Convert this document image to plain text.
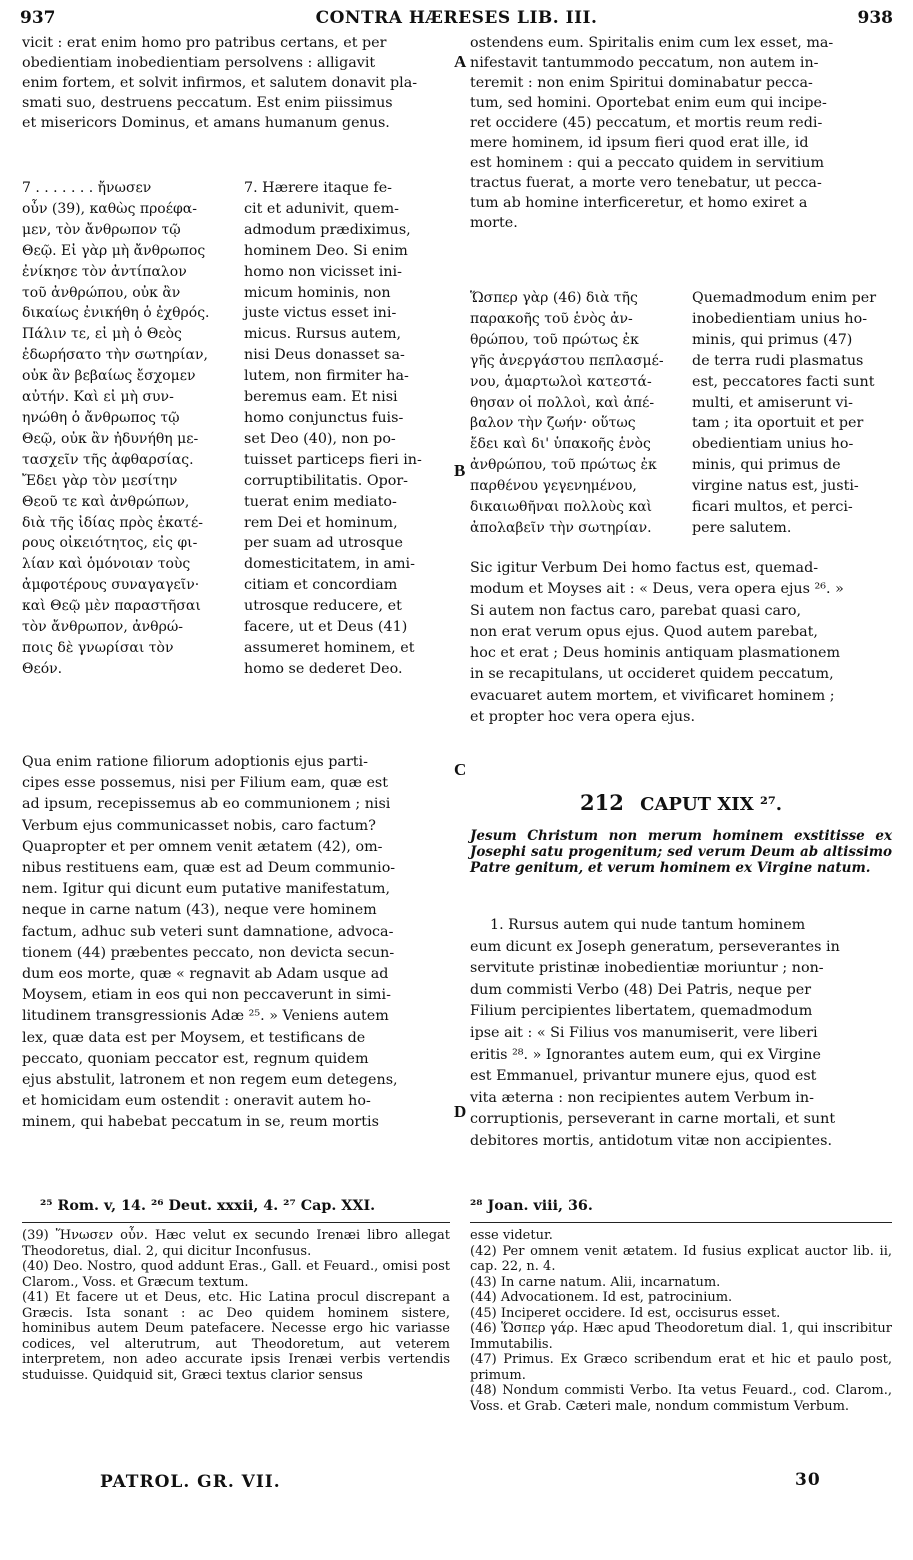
937	CONTRA HÆRESES LIB. III.	938
A
B
C
D

vicit : erat enim homo pro patribus certans, et per

obedientiam inobedientiam persolvens : alligavit

enim fortem, et solvit infirmos, et salutem donavit pla-

smati suo, destruens peccatum. Est enim piissimus

et misericors Dominus, et amans humanum genus.

7 . . . . . . . ἤνωσεν

οὖν (39), καθὼς προέφα-

μεν, τὸν ἄνθρωπον τῷ

Θεῷ. Εἰ γὰρ μὴ ἄνθρωπος

ἐνίκησε τὸν ἀντίπαλον

τοῦ ἀνθρώπου, οὐκ ἂν

δικαίως ἐνικήθη ὁ ἐχθρός.

Πάλιν τε, εἰ μὴ ὁ Θεὸς

ἐδωρήσατο τὴν σωτηρίαν,

οὐκ ἂν βεβαίως ἔσχομεν

αὐτήν. Καὶ εἰ μὴ συν-

ηνώθη ὁ ἄνθρωπος τῷ

Θεῷ, οὐκ ἂν ἠδυνήθη με-

τασχεῖν τῆς ἀφθαρσίας.

Ἔδει γὰρ τὸν μεσίτην

Θεοῦ τε καὶ ἀνθρώπων,

διὰ τῆς ἰδίας πρὸς ἑκατέ-

ρους οἰκειότητος, εἰς φι-

λίαν καὶ ὁμόνοιαν τοὺς

ἀμφοτέρους συναγαγεῖν·

καὶ Θεῷ μὲν παραστῆσαι

τὸν ἄνθρωπον, ἀνθρώ-

ποις δὲ γνωρίσαι τὸν

Θεόν.

7. Hærere itaque fe-

cit et adunivit, quem-

admodum prædiximus,

hominem Deo. Si enim

homo non vicisset ini-

micum hominis, non

juste victus esset ini-

micus. Rursus autem,

nisi Deus donasset sa-

lutem, non firmiter ha-

beremus eam. Et nisi

homo conjunctus fuis-

set Deo (40), non po-

tuisset particeps fieri in-

corruptibilitatis. Opor-

tuerat enim mediato-

rem Dei et hominum,

per suam ad utrosque

domesticitatem, in ami-

citiam et concordiam

utrosque reducere, et

facere, ut et Deus (41)

assumeret hominem, et

homo se dederet Deo.

Qua enim ratione filiorum adoptionis ejus parti-

cipes esse possemus, nisi per Filium eam, quæ est

ad ipsum, recepissemus ab eo communionem ; nisi

Verbum ejus communicasset nobis, caro factum?

Quapropter et per omnem venit ætatem (42), om-

nibus restituens eam, quæ est ad Deum communio-

nem. Igitur qui dicunt eum putative manifestatum,

neque in carne natum (43), neque vere hominem

factum, adhuc sub veteri sunt damnatione, advoca-

tionem (44) præbentes peccato, non devicta secun-

dum eos morte, quæ « regnavit ab Adam usque ad

Moysem, etiam in eos qui non peccaverunt in simi-

litudinem transgressionis Adæ ²⁵. » Veniens autem

lex, quæ data est per Moysem, et testificans de

peccato, quoniam peccator est, regnum quidem

ejus abstulit, latronem et non regem eum detegens,

et homicidam eum ostendit : oneravit autem ho-

minem, qui habebat peccatum in se, reum mortis

²⁵ Rom. v, 14. ²⁶ Deut. xxxii, 4. ²⁷ Cap. XXI.

(39) Ἥνωσεν οὖν. Hæc velut ex secundo Irenæi libro allegat Theodoretus, dial. 2, qui dicitur Inconfusus.

(40) Deo. Nostro, quod addunt Eras., Gall. et Feuard., omisi post Clarom., Voss. et Græcum textum.

(41) Et facere ut et Deus, etc. Hic Latina procul discrepant a Græcis. Ista sonant : ac Deo quidem hominem sistere, hominibus autem Deum patefacere. Necesse ergo hic variasse codices, vel alterutrum, aut Theodoretum, aut veterem interpretem, non adeo accurate ipsis Irenæi verbis vertendis studuisse. Quidquid sit, Græci textus clarior sensus

PATROL. GR. VII.

ostendens eum. Spiritalis enim cum lex esset, ma-

nifestavit tantummodo peccatum, non autem in-

teremit : non enim Spiritui dominabatur pecca-

tum, sed homini. Oportebat enim eum qui incipe-

ret occidere (45) peccatum, et mortis reum redi-

mere hominem, id ipsum fieri quod erat ille, id

est hominem : qui a peccato quidem in servitium

tractus fuerat, a morte vero tenebatur, ut pecca-

tum ab homine interficeretur, et homo exiret a

morte.

Ὥσπερ γὰρ (46) διὰ τῆς

παρακοῆς τοῦ ἑνὸς ἀν-

θρώπου, τοῦ πρώτως ἐκ

γῆς ἀνεργάστου πεπλασμέ-

νου, ἁμαρτωλοὶ κατεστά-

θησαν οἱ πολλοὶ, καὶ ἀπέ-

βαλον τὴν ζωήν· οὕτως

ἔδει καὶ δι' ὑπακοῆς ἑνὸς

ἀνθρώπου, τοῦ πρώτως ἐκ

παρθένου γεγενημένου,

δικαιωθῆναι πολλοὺς καὶ

ἀπολαβεῖν τὴν σωτηρίαν.

Quemadmodum enim per

inobedientiam unius ho-

minis, qui primus (47)

de terra rudi plasmatus

est, peccatores facti sunt

multi, et amiserunt vi-

tam ; ita oportuit et per

obedientiam unius ho-

minis, qui primus de

virgine natus est, justi-

ficari multos, et perci-

pere salutem.

Sic igitur Verbum Dei homo factus est, quemad-

modum et Moyses ait : « Deus, vera opera ejus ²⁶. »

Si autem non factus caro, parebat quasi caro,

non erat verum opus ejus. Quod autem parebat,

hoc et erat ; Deus hominis antiquam plasmationem

in se recapitulans, ut occideret quidem peccatum,

evacuaret autem mortem, et vivificaret hominem ;

et propter hoc vera opera ejus.

212 CAPUT XIX ²⁷.
Jesum Christum non merum hominem exstitisse ex Josephi satu progenitum; sed verum Deum ab altissimo Patre genitum, et verum hominem ex Virgine natum.

1. Rursus autem qui nude tantum hominem

eum dicunt ex Joseph generatum, perseverantes in

servitute pristinæ inobedientiæ moriuntur ; non-

dum commisti Verbo (48) Dei Patris, neque per

Filium percipientes libertatem, quemadmodum

ipse ait : « Si Filius vos manumiserit, vere liberi

eritis ²⁸. » Ignorantes autem eum, qui ex Virgine

est Emmanuel, privantur munere ejus, quod est

vita æterna : non recipientes autem Verbum in-

corruptionis, perseverant in carne mortali, et sunt

debitores mortis, antidotum vitæ non accipientes.

²⁸ Joan. viii, 36.

esse videtur.

(42) Per omnem venit ætatem. Id fusius explicat auctor lib. ii, cap. 22, n. 4.

(43) In carne natum. Alii, incarnatum.

(44) Advocationem. Id est, patrocinium.

(45) Inciperet occidere. Id est, occisurus esset.

(46) Ὥσπερ γάρ. Hæc apud Theodoretum dial. 1, qui inscribitur Immutabilis.

(47) Primus. Ex Græco scribendum erat et hic et paulo post, primum.

(48) Nondum commisti Verbo. Ita vetus Feuard., cod. Clarom., Voss. et Grab. Cæteri male, nondum commistum Verbum.

30
